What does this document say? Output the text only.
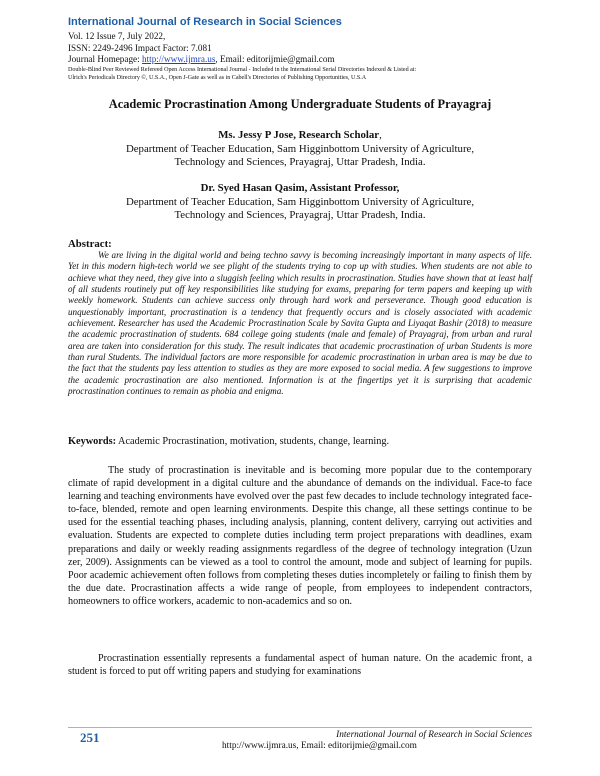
International Journal of Research in Social Sciences
Vol. 12 Issue 7, July 2022,
ISSN: 2249-2496 Impact Factor: 7.081
Journal Homepage: http://www.ijmra.us, Email: editorijmie@gmail.com
Double-Blind Peer Reviewed Refereed Open Access International Journal - Included in the International Serial Directories Indexed & Listed at:
Ulrich's Periodicals Directory ©, U.S.A., Open J-Gate as well as in Cabell's Directories of Publishing Opportunities, U.S.A
Academic Procrastination Among Undergraduate Students of Prayagraj
Ms. Jessy P Jose, Research Scholar,
Department of Teacher Education, Sam Higginbottom University of Agriculture,
Technology and Sciences, Prayagraj, Uttar Pradesh, India.
Dr. Syed Hasan Qasim, Assistant Professor,
Department of Teacher Education, Sam Higginbottom University of Agriculture,
Technology and Sciences, Prayagraj, Uttar Pradesh, India.
Abstract:

We are living in the digital world and being techno savvy is becoming increasingly important in many aspects of life. Yet in this modern high-tech world we see plight of the students trying to cop up with studies. When students are not able to achieve what they need, they give into a sluggish feeling which results in procrastination. Studies have shown that at least half of all students routinely put off key responsibilities like studying for exams, preparing for term papers and keeping up with weekly homework. Students can achieve success only through hard work and perseverance. Though good education is unquestionably important, procrastination is a tendency that frequently occurs and is closely associated with academic achievement. Researcher has used the Academic Procrastination Scale by Savita Gupta and Liyaqat Bashir (2018) to measure the academic procrastination of students. 684 college going students (male and female) of Prayagraj, from urban and rural area are taken into consideration for this study. The result indicates that academic procrastination of urban Students is more than rural Students. The individual factors are more responsible for academic procrastination in urban area is may be due to the fact that the students pay less attention to studies as they are more exposed to social media. A few suggestions to improve the academic procrastination are also mentioned. Information is at the fingertips yet it is surprising that academic procrastination continues to remain as phobia and enigma.

Keywords: Academic Procrastination, motivation, students, change, learning.

The study of procrastination is inevitable and is becoming more popular due to the contemporary climate of rapid development in a digital culture and the abundance of demands on the individual. Face-to face learning and teaching environments have evolved over the past few decades to include technology integrated face-to-face, blended, remote and open learning environments. Despite this change, all these settings continue to be used for the essential teaching phases, including analysis, planning, content delivery, carrying out activities and evaluation. Students are expected to complete duties including term project preparations with deadlines, exam preparations and daily or weekly reading assignments regardless of the degree of technology integration (Uzun zer, 2009). Assignments can be viewed as a tool to control the amount, mode and subject of learning for pupils. Poor academic achievement often follows from completing theses duties incompletely or failing to finish them by the due date. Procrastination affects a wide range of people, from employees to independent contractors, homeowners to office workers, academic to non-academics and so on.

Procrastination essentially represents a fundamental aspect of human nature. On the academic front, a student is forced to put off writing papers and studying for examinations

251	International Journal of Research in Social Sciences
http://www.ijmra.us, Email: editorijmie@gmail.com
